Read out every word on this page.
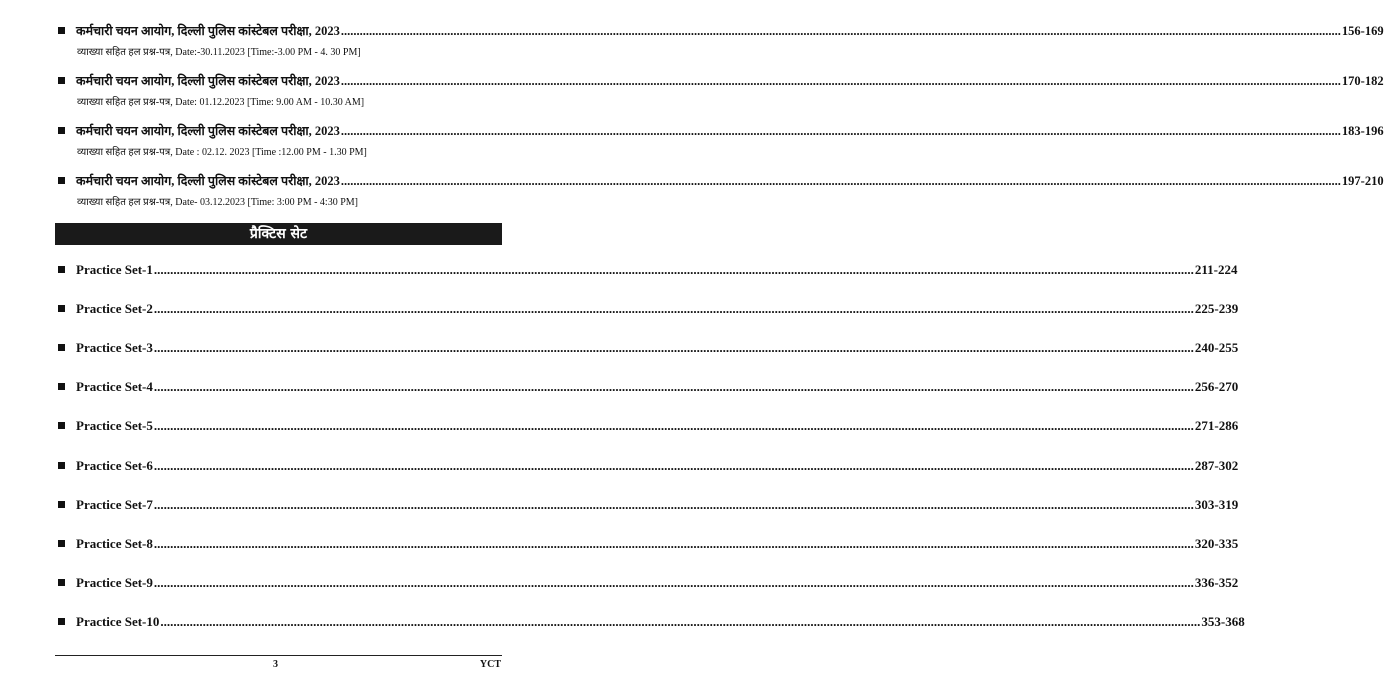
कर्मचारी चयन आयोग, दिल्ली पुलिस कांस्टेबल परीक्षा, 2023 ................................................................................................................................................................................................................................................................................................................................ 156-169
व्याख्या सहित हल प्रश्न-पत्र, Date:-30.11.2023 [Time:-3.00 PM - 4. 30 PM]
कर्मचारी चयन आयोग, दिल्ली पुलिस कांस्टेबल परीक्षा, 2023 ................................................................................................................................................................................................................................................................................................................................ 170-182
व्याख्या सहित हल प्रश्न-पत्र, Date: 01.12.2023 [Time: 9.00 AM - 10.30 AM]
कर्मचारी चयन आयोग, दिल्ली पुलिस कांस्टेबल परीक्षा, 2023 ................................................................................................................................................................................................................................................................................................................................ 183-196
व्याख्या सहित हल प्रश्न-पत्र, Date : 02.12. 2023 [Time :12.00 PM - 1.30 PM]
कर्मचारी चयन आयोग, दिल्ली पुलिस कांस्टेबल परीक्षा, 2023 ................................................................................................................................................................................................................................................................................................................................ 197-210
व्याख्या सहित हल प्रश्न-पत्र, Date- 03.12.2023 [Time: 3:00 PM - 4:30 PM]
प्रैक्टिस सेट
Practice Set-1 ................................................................................................................................................................................................................................................................................................................................ 211-224
Practice Set-2 ................................................................................................................................................................................................................................................................................................................................ 225-239
Practice Set-3 ................................................................................................................................................................................................................................................................................................................................ 240-255
Practice Set-4 ................................................................................................................................................................................................................................................................................................................................ 256-270
Practice Set-5 ................................................................................................................................................................................................................................................................................................................................ 271-286
Practice Set-6 ................................................................................................................................................................................................................................................................................................................................ 287-302
Practice Set-7 ................................................................................................................................................................................................................................................................................................................................ 303-319
Practice Set-8 ................................................................................................................................................................................................................................................................................................................................ 320-335
Practice Set-9 ................................................................................................................................................................................................................................................................................................................................ 336-352
Practice Set-10 ................................................................................................................................................................................................................................................................................................................................ 353-368
3	YCT
